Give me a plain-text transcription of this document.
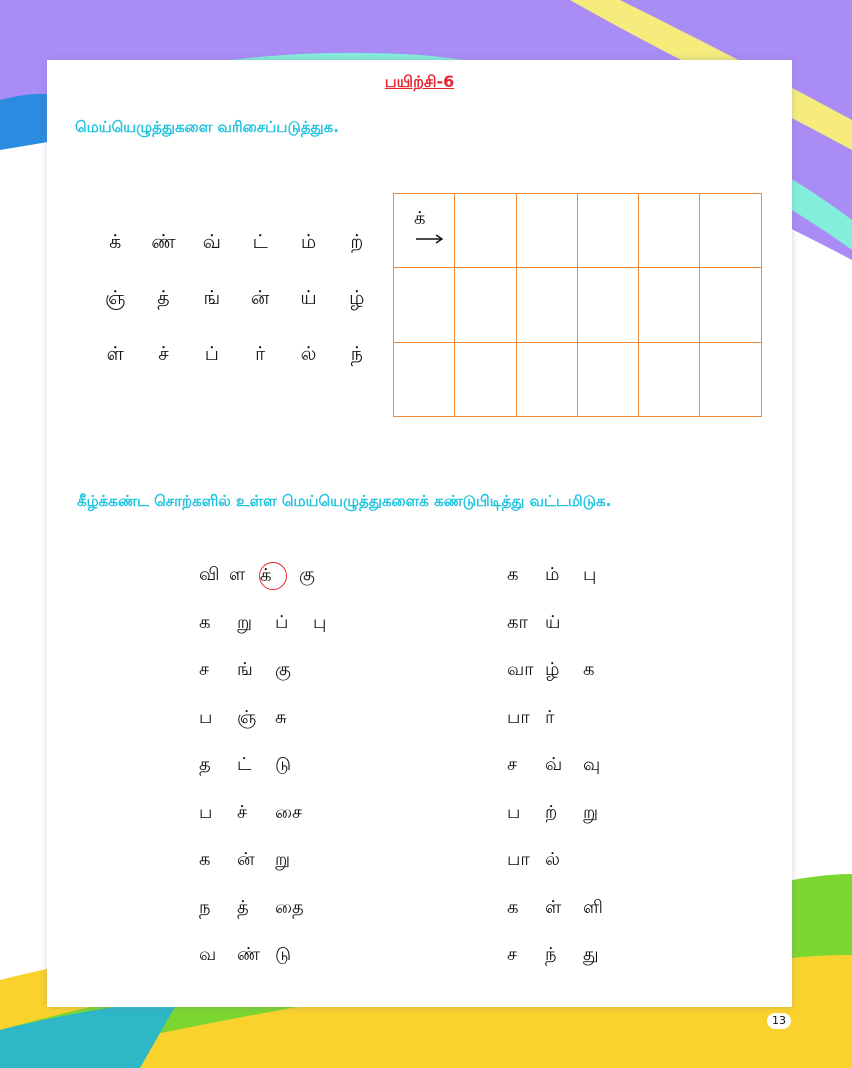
பயிற்சி-6
மெய்யெழுத்துகளை வரிசைப்படுத்துக.
க்	ண்	வ்	ட்	ம்	ற்
ஞ்	த்	ங்	ன்	ய்	ழ்
ள்	ச்	ப்	ர்	ல்	ந்
க்
கீழ்க்கண்ட சொற்களில் உள்ள மெய்யெழுத்துகளைக் கண்டுபிடித்து வட்டமிடுக.
வி ள க்	கு
க	று	ப்	பு
ச	ங்	கு
ப	ஞ்	சு
த	ட்	டு
ப	ச்	சை
க	ன்	று
ந	த்	தை
வ	ண் டு
க	ம்	பு
கா ய்
வா ழ்	க
பா ர்
ச	வ்	வு
ப	ற்	று
பா ல்
க	ள்	ளி
ச	ந்	து
13
